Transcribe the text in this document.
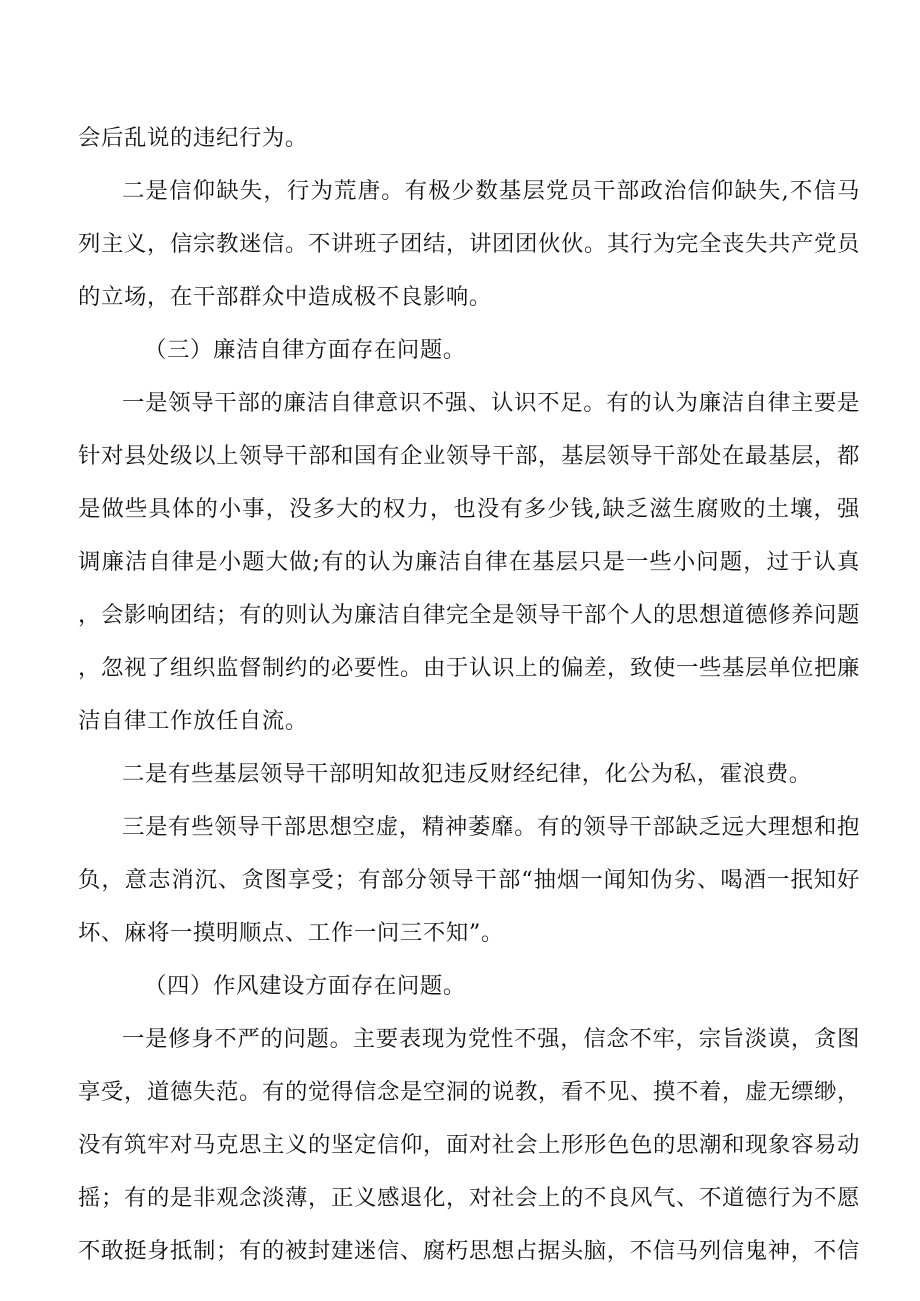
会后乱说的违纪行为。

二是信仰缺失，行为荒唐。有极少数基层党员干部政治信仰缺失,不信马列主义，信宗教迷信。不讲班子团结，讲团团伙伙。其行为完全丧失共产党员的立场，在干部群众中造成极不良影响。

（三）廉洁自律方面存在问题。

一是领导干部的廉洁自律意识不强、认识不足。有的认为廉洁自律主要是针对县处级以上领导干部和国有企业领导干部，基层领导干部处在最基层，都是做些具体的小事，没多大的权力，也没有多少钱,缺乏滋生腐败的土壤，强调廉洁自律是小题大做;有的认为廉洁自律在基层只是一些小问题，过于认真，会影响团结；有的则认为廉洁自律完全是领导干部个人的思想道德修养问题，忽视了组织监督制约的必要性。由于认识上的偏差，致使一些基层单位把廉洁自律工作放任自流。

二是有些基层领导干部明知故犯违反财经纪律，化公为私，霍浪费。

三是有些领导干部思想空虚，精神萎靡。有的领导干部缺乏远大理想和抱负，意志消沉、贪图享受；有部分领导干部“抽烟一闻知伪劣、喝酒一抿知好坏、麻将一摸明顺点、工作一问三不知”。

（四）作风建设方面存在问题。

一是修身不严的问题。主要表现为党性不强，信念不牢，宗旨淡谟，贪图享受，道德失范。有的觉得信念是空洞的说教，看不见、摸不着，虚无缥缈，没有筑牢对马克思主义的坚定信仰，面对社会上形形色色的思潮和现象容易动摇；有的是非观念淡薄，正义感退化，对社会上的不良风气、不道德行为不愿不敢挺身抵制；有的被封建迷信、腐朽思想占据头脑，不信马列信鬼神，不信
